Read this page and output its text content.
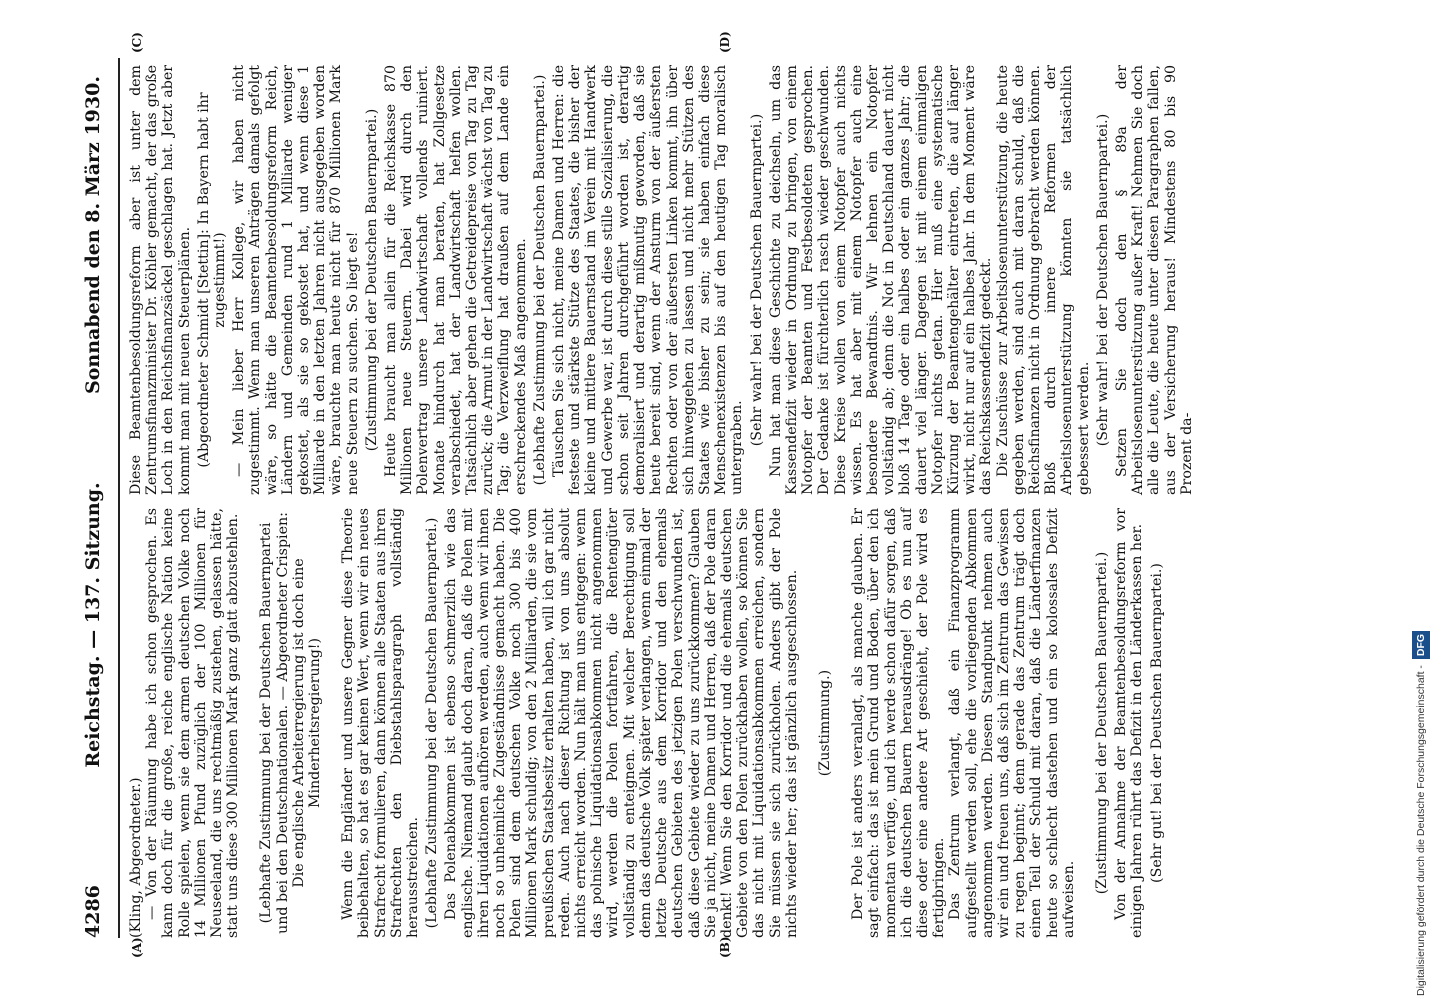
4286
Reichstag. — 137. Sitzung.
Sonnabend den 8. März 1930.
(A)	(B)
(C)	(D)

(Kling, Abgeordneter.) — Von der Räumung habe ich schon gesprochen. Es kann doch für die große, reiche englische Nation keine Rolle spielen, wenn sie dem armen deutschen Volke noch 14 Millionen Pfund zuzüglich der 100 Millionen für Neuseeland, die uns rechtmäßig zustehen, gelassen hätte, statt uns diese 300 Millionen Mark ganz glatt abzustehlen. (Lebhafte Zustimmung bei der Deutschen Bauernpartei und bei den Deutschnationalen. — Abgeordneter Crispien: Die englische Arbeiterregierung ist doch eine Minderheitsregierung!) Wenn die Engländer und unsere Gegner diese Theorie beibehalten, so hat es gar keinen Wert, wenn wir ein neues Strafrecht formulieren, dann können alle Staaten aus ihren Strafrechten den Diebstahlsparagraph vollständig herausstreichen. (Lebhafte Zustimmung bei der Deutschen Bauernpartei.) Das Polenabkommen ist ebenso schmerzlich wie das englische. Niemand glaubt doch daran, daß die Polen mit ihren Liquidationen aufhören werden, auch wenn wir ihnen noch so unheimliche Zugeständnisse gemacht haben. Die Polen sind dem deutschen Volke noch 300 bis 400 Millionen Mark schuldig; von den 2 Milliarden, die sie vom preußischen Staatsbesitz erhalten haben, will ich gar nicht reden. Auch nach dieser Richtung ist von uns absolut nichts erreicht worden. Nun hält man uns entgegen: wenn das polnische Liquidationsabkommen nicht angenommen wird, werden die Polen fortfahren, die Rentengüter vollständig zu enteignen. Mit welcher Berechtigung soll denn das deutsche Volk später verlangen, wenn einmal der letzte Deutsche aus dem Korridor und den ehemals deutschen Gebieten des jetzigen Polen verschwunden ist, daß diese Gebiete wieder zu uns zurückkommen? Glauben Sie ja nicht, meine Damen und Herren, daß der Pole daran denkt! Wenn Sie den Korridor und die ehemals deutschen Gebiete von den Polen zurückhaben wollen, so können Sie das nicht mit Liquidationsabkommen erreichen, sondern Sie müssen sie sich zurückholen. Anders gibt der Pole nichts wieder her; das ist gänzlich ausgeschlossen. (Zustimmung.) Der Pole ist anders veranlagt, als manche glauben. Er sagt einfach: das ist mein Grund und Boden, über den ich momentan verfüge, und ich werde schon dafür sorgen, daß ich die deutschen Bauern herausdränge! Ob es nun auf diese oder eine andere Art geschieht, der Pole wird es fertigbringen. Das Zentrum verlangt, daß ein Finanzprogramm aufgestellt werden soll, ehe die vorliegenden Abkommen angenommen werden. Diesen Standpunkt nehmen auch wir ein und freuen uns, daß sich im Zentrum das Gewissen zu regen beginnt; denn gerade das Zentrum trägt doch einen Teil der Schuld mit daran, daß die Länderfinanzen heute so schlecht dastehen und ein so kolossales Defizit aufweisen.

(Zustimmung bei der Deutschen Bauernpartei.) Von der Annahme der Beamtenbesoldungsreform vor einigen Jahren rührt das Defizit in den Länderkassen her. (Sehr gut! bei der Deutschen Bauernpartei.)

Diese Beamtenbesoldungsreform aber ist unter dem Zentrumsfinanzminister Dr. Köhler gemacht, der das große Loch in den Reichsfinanzsäckel geschlagen hat. Jetzt aber kommt man mit neuen Steuerplänen. (Abgeordneter Schmidt [Stettin]: In Bayern habt ihr zugestimmt!) — Mein lieber Herr Kollege, wir haben nicht zugestimmt. Wenn man unseren Anträgen damals gefolgt wäre, so hätte die Beamtenbesoldungsreform Reich, Ländern und Gemeinden rund 1 Milliarde weniger gekostet, als sie so gekostet hat, und wenn diese 1 Milliarde in den letzten Jahren nicht ausgegeben worden wäre, brauchte man heute nicht für 870 Millionen Mark neue Steuern zu suchen. So liegt es! (Zustimmung bei der Deutschen Bauernpartei.) Heute braucht man allein für die Reichskasse 870 Millionen neue Steuern. Dabei wird durch den Polenvertrag unsere Landwirtschaft vollends ruiniert. Monate hindurch hat man beraten, hat Zollgesetze verabschiedet, hat der Landwirtschaft helfen wollen. Tatsächlich aber gehen die Getreidepreise von Tag zu Tag zurück; die Armut in der Landwirtschaft wächst von Tag zu Tag; die Verzweiflung hat draußen auf dem Lande ein erschreckendes Maß angenommen. (Lebhafte Zustimmung bei der Deutschen Bauernpartei.) Täuschen Sie sich nicht, meine Damen und Herren: die festeste und stärkste Stütze des Staates, die bisher der kleine und mittlere Bauernstand im Verein mit Handwerk und Gewerbe war, ist durch diese stille Sozialisierung, die schon seit Jahren durchgeführt worden ist, derartig demoralisiert und derartig mißmutig geworden, daß sie heute bereit sind, wenn der Ansturm von der äußersten Rechten oder von der äußersten Linken kommt, ihn über sich hinweggehen zu lassen und nicht mehr Stützen des Staates wie bisher zu sein; sie haben einfach diese Menschenexistenzen bis auf den heutigen Tag moralisch untergraben.

(Sehr wahr! bei der Deutschen Bauernpartei.) Nun hat man diese Geschichte zu deichseln, um das Kassendefizit wieder in Ordnung zu bringen, von einem Notopfer der Beamten und Festbesoldeten gesprochen. Der Gedanke ist fürchterlich rasch wieder geschwunden. Diese Kreise wollen von einem Notopfer auch nichts wissen. Es hat aber mit einem Notopfer auch eine besondere Bewandtnis. Wir lehnen ein Notopfer vollständig ab; denn die Not in Deutschland dauert nicht bloß 14 Tage oder ein halbes oder ein ganzes Jahr; die dauert viel länger. Dagegen ist mit einem einmaligen Notopfer nichts getan. Hier muß eine systematische Kürzung der Beamtengehälter eintreten, die auf länger wirkt, nicht nur auf ein halbes Jahr. In dem Moment wäre das Reichskassendefizit gedeckt. Die Zuschüsse zur Arbeitslosenunterstützung, die heute gegeben werden, sind auch mit daran schuld, daß die Reichsfinanzen nicht in Ordnung gebracht werden können. Bloß durch innere Reformen der Arbeitslosenunterstützung könnten sie tatsächlich gebessert werden. (Sehr wahr! bei der Deutschen Bauernpartei.) Setzen Sie doch den § 89a der Arbeitslosenunterstützung außer Kraft! Nehmen Sie doch alle die Leute, die heute unter diesen Paragraphen fallen, aus der Versicherung heraus! Mindestens 80 bis 90 Prozent da-

Digitalisierung gefördert durch die Deutsche Forschungsgemeinschaft -DFG
